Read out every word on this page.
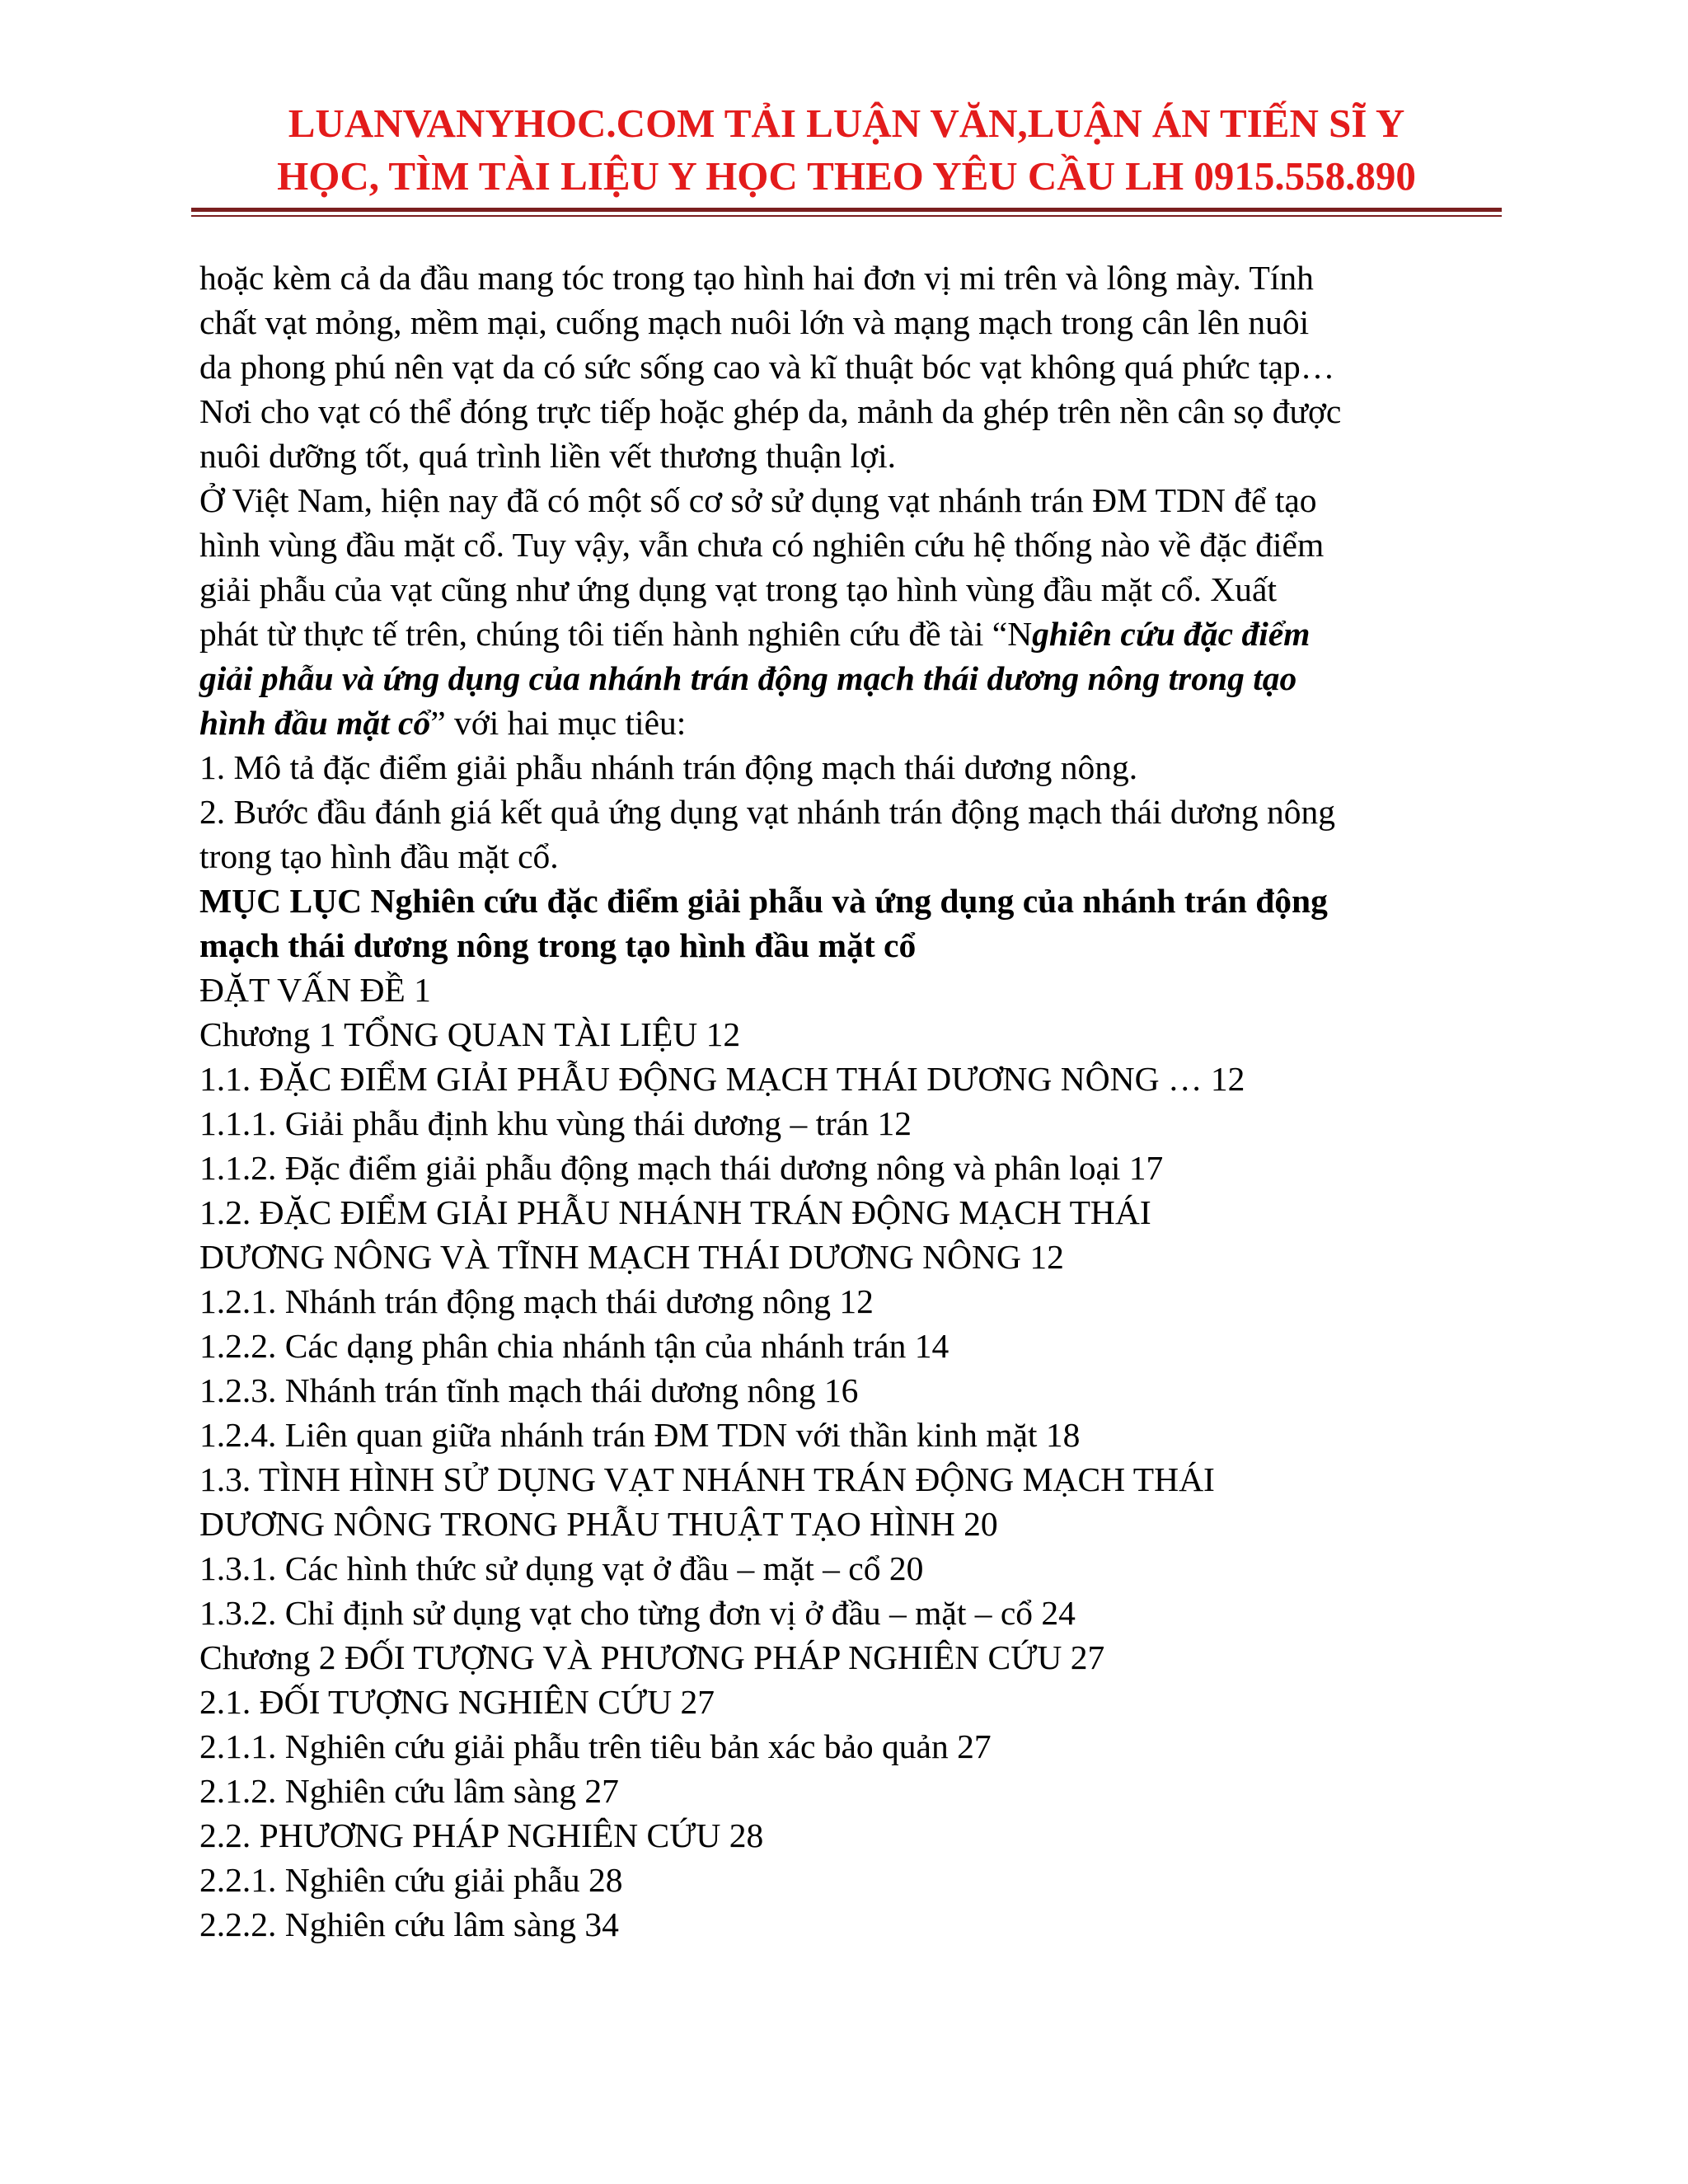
LUANVANYHOC.COM TẢI LUẬN VĂN,LUẬN ÁN TIẾN SĨ Y
HỌC, TÌM TÀI LIỆU Y HỌC THEO YÊU CẦU LH 0915.558.890

hoặc kèm cả da đầu mang tóc trong tạo hình hai đơn vị mi trên và lông mày. Tính

chất vạt mỏng, mềm mại, cuống mạch nuôi lớn và mạng mạch trong cân lên nuôi

da phong phú nên vạt da có sức sống cao và kĩ thuật bóc vạt không quá phức tạp…

Nơi cho vạt có thể đóng trực tiếp hoặc ghép da, mảnh da ghép trên nền cân sọ được

nuôi dưỡng tốt, quá trình liền vết thương thuận lợi.

Ở Việt Nam, hiện nay đã có một số cơ sở sử dụng vạt nhánh trán ĐM TDN để tạo

hình vùng đầu mặt cổ. Tuy vậy, vẫn chưa có nghiên cứu hệ thống nào về đặc điểm

giải phẫu của vạt cũng như ứng dụng vạt trong tạo hình vùng đầu mặt cổ. Xuất

phát từ thực tế trên, chúng tôi tiến hành nghiên cứu đề tài “Nghiên cứu đặc điểm

giải phẫu và ứng dụng của nhánh trán động mạch thái dương nông trong tạo

hình đầu mặt cổ” với hai mục tiêu:

1. Mô tả đặc điểm giải phẫu nhánh trán động mạch thái dương nông.

2. Bước đầu đánh giá kết quả ứng dụng vạt nhánh trán động mạch thái dương nông

trong tạo hình đầu mặt cổ.

MỤC LỤC Nghiên cứu đặc điểm giải phẫu và ứng dụng của nhánh trán động

mạch thái dương nông trong tạo hình đầu mặt cổ

ĐẶT VẤN ĐỀ 1

Chương 1 TỔNG QUAN TÀI LIỆU 12

1.1. ĐẶC ĐIỂM GIẢI PHẪU ĐỘNG MẠCH THÁI DƯƠNG NÔNG … 12

1.1.1. Giải phẫu định khu vùng thái dương – trán 12

1.1.2. Đặc điểm giải phẫu động mạch thái dương nông và phân loại 17

1.2. ĐẶC ĐIỂM GIẢI PHẪU NHÁNH TRÁN ĐỘNG MẠCH THÁI

DƯƠNG NÔNG VÀ TĨNH MẠCH THÁI DƯƠNG NÔNG 12

1.2.1. Nhánh trán động mạch thái dương nông 12

1.2.2. Các dạng phân chia nhánh tận của nhánh trán 14

1.2.3. Nhánh trán tĩnh mạch thái dương nông 16

1.2.4. Liên quan giữa nhánh trán ĐM TDN với thần kinh mặt 18

1.3. TÌNH HÌNH SỬ DỤNG VẠT NHÁNH TRÁN ĐỘNG MẠCH THÁI

DƯƠNG NÔNG TRONG PHẪU THUẬT TẠO HÌNH 20

1.3.1. Các hình thức sử dụng vạt ở đầu – mặt – cổ 20

1.3.2. Chỉ định sử dụng vạt cho từng đơn vị ở đầu – mặt – cổ 24

Chương 2 ĐỐI TƯỢNG VÀ PHƯƠNG PHÁP NGHIÊN CỨU 27

2.1. ĐỐI TƯỢNG NGHIÊN CỨU 27

2.1.1. Nghiên cứu giải phẫu trên tiêu bản xác bảo quản 27

2.1.2. Nghiên cứu lâm sàng 27

2.2. PHƯƠNG PHÁP NGHIÊN CỨU 28

2.2.1. Nghiên cứu giải phẫu 28

2.2.2. Nghiên cứu lâm sàng 34
